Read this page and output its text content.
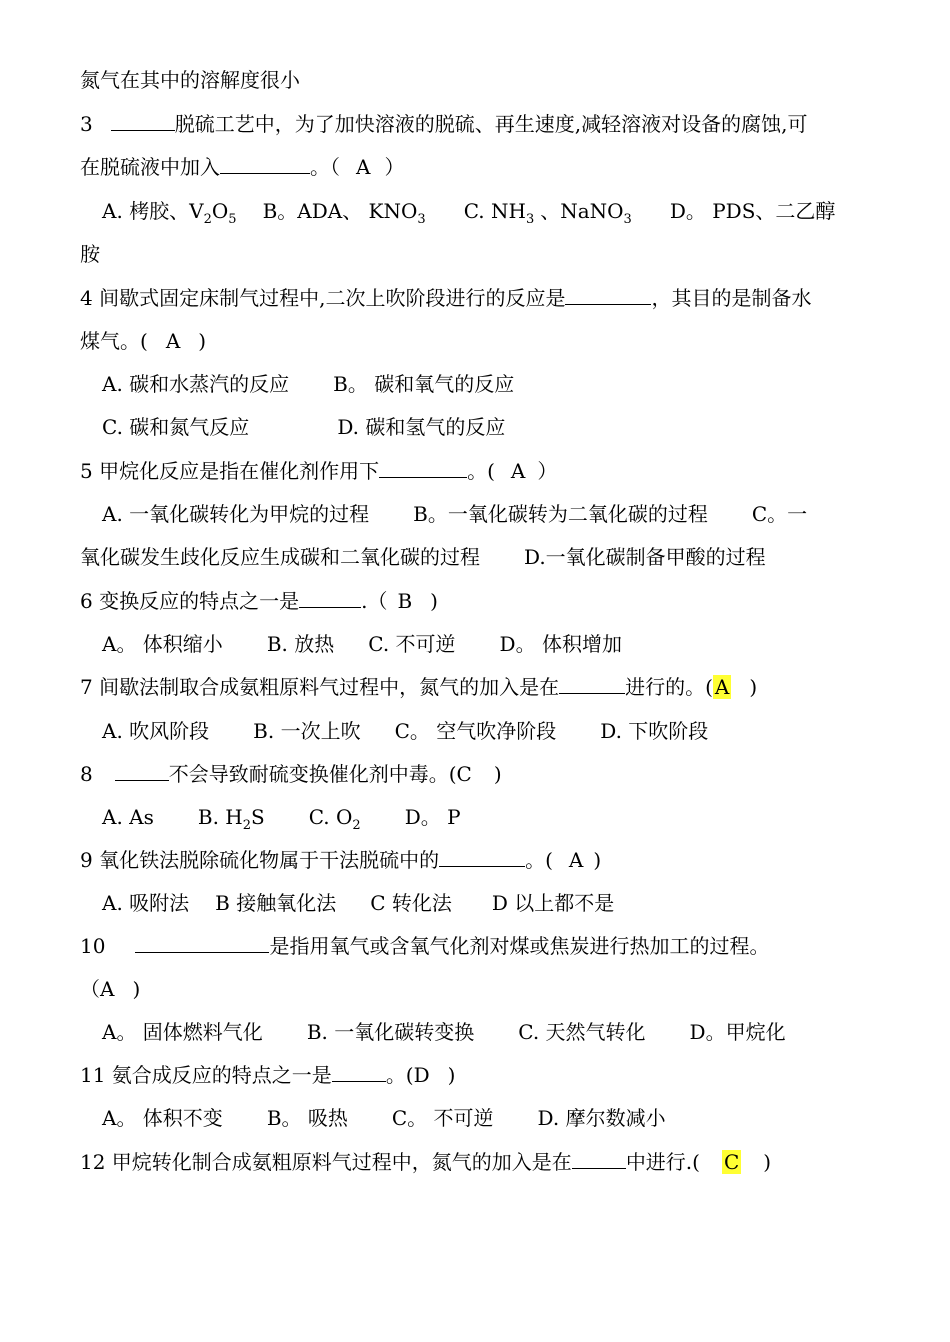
氮气在其中的溶解度很小
3	脱硫工艺中，为了加快溶液的脱硫、再生速度,减轻溶液对设备的腐蚀,可
在脱硫液中加入	。（ A ）
A. 栲胶、$V_2O_5$ B。ADA、 $KNO_3$ C. $NH_3$ 、NaNO$_3$ D。 PDS、二乙醇
胺
4 间歇式固定床制气过程中,二次上吹阶段进行的反应是	，其目的是制备水
煤气。( A )
A. 碳和水蒸汽的反应 B。 碳和氧气的反应
C. 碳和氮气反应	D. 碳和氢气的反应
5 甲烷化反应是指在催化剂作用下	。( A ）
A. 一氧化碳转化为甲烷的过程 B。一氧化碳转为二氧化碳的过程 C。一
氧化碳发生歧化反应生成碳和二氧化碳的过程 D.一氧化碳制备甲酸的过程
6 变换反应的特点之一是	.（ B )
A。 体积缩小 B. 放热 C. 不可逆 D。 体积增加
7 间歇法制取合成氨粗原料气过程中，氮气的加入是在	进行的。( A )
A. 吹风阶段 B. 一次上吹 C。 空气吹净阶段 D. 下吹阶段
8	不会导致耐硫变换催化剂中毒。(C )
A. As B. $H_2S$ C. $O_2$ D。 P
9 氧化铁法脱除硫化物属于干法脱硫中的	。( A )
A. 吸附法 B 接触氧化法 C 转化法 D 以上都不是
10	是指用氧气或含氧气化剂对煤或焦炭进行热加工的过程。
（A )
A。 固体燃料气化 B. 一氧化碳转变换 C. 天然气转化 D。甲烷化
11 氨合成反应的特点之一是	。(D )
A。 体积不变 B。 吸热 C。 不可逆 D. 摩尔数减小
12 甲烷转化制合成氨粗原料气过程中，氮气的加入是在	中进行.( C )
